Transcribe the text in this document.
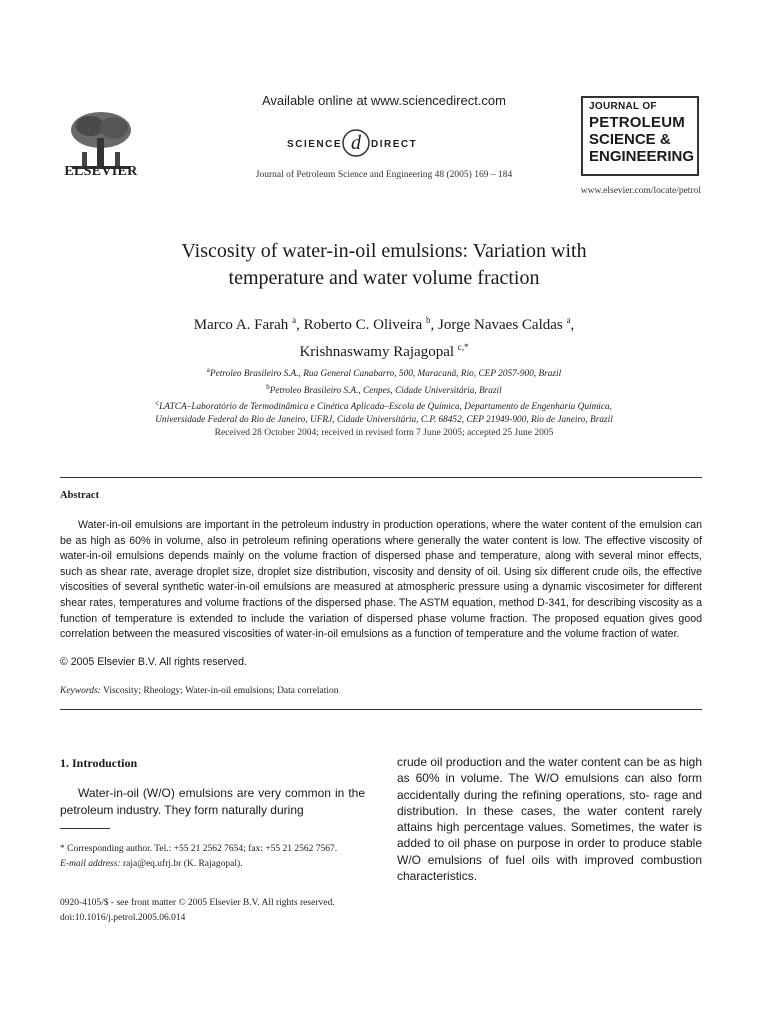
ELSEVIER
Available online at www.sciencedirect.com
SCIENCE d DIRECT
Journal of Petroleum Science and Engineering 48 (2005) 169 – 184
JOURNAL OF
PETROLEUM
SCIENCE &
ENGINEERING
www.elsevier.com/locate/petrol
Viscosity of water-in-oil emulsions: Variation with
temperature and water volume fraction
Marco A. Farah $^a$, Roberto C. Oliveira $^b$, Jorge Navaes Caldas $^a$,
Krishnaswamy Rajagopal $^{c,*}$
$^a$Petroleo Brasileiro S.A., Rua General Canabarro, 500, Maracanã, Rio, CEP 2057-900, Brazil
$^b$Petroleo Brasileiro S.A., Cenpes, Cidade Universitária, Brazil
$^c$LATCA–Laboratório de Termodinâmica e Cinética Aplicada–Escola de Química, Departamento de Engenharia Química,
Universidade Federal do Rio de Janeiro, UFRJ, Cidade Universitária, C.P. 68452, CEP 21949-900, Rio de Janeiro, Brazil
Received 28 October 2004; received in revised form 7 June 2005; accepted 25 June 2005
Abstract
Water-in-oil emulsions are important in the petroleum industry in production operations, where the water content of the emulsion can be as high as 60% in volume, also in petroleum refining operations where generally the water content is low. The effective viscosity of water-in-oil emulsions depends mainly on the volume fraction of dispersed phase and temperature, along with several minor effects, such as shear rate, average droplet size, droplet size distribution, viscosity and density of oil. Using six different crude oils, the effective viscosities of several synthetic water-in-oil emulsions are measured at atmospheric pressure using a dynamic viscosimeter for different shear rates, temperatures and volume fractions of the dispersed phase. The ASTM equation, method D-341, for describing viscosity as a function of temperature is extended to include the variation of dispersed phase volume fraction. The proposed equation gives good correlation between the measured viscosities of water-in-oil emulsions as a function of temperature and the volume fraction of water.
© 2005 Elsevier B.V. All rights reserved.
Keywords: Viscosity; Rheology; Water-in-oil emulsions; Data correlation
1. Introduction
Water-in-oil (W/O) emulsions are very common in the petroleum industry. They form naturally during
crude oil production and the water content can be as high as 60% in volume. The W/O emulsions can also form accidentally during the refining operations, sto- rage and distribution. In these cases, the water content rarely attains high percentage values. Sometimes, the water is added to oil phase on purpose in order to produce stable W/O emulsions of fuel oils with improved combustion characteristics.
* Corresponding author. Tel.: +55 21 2562 7654; fax: +55 21 2562 7567.
E-mail address: raja@eq.ufrj.br (K. Rajagopal).
0920-4105/$ - see front matter © 2005 Elsevier B.V. All rights reserved.
doi:10.1016/j.petrol.2005.06.014
